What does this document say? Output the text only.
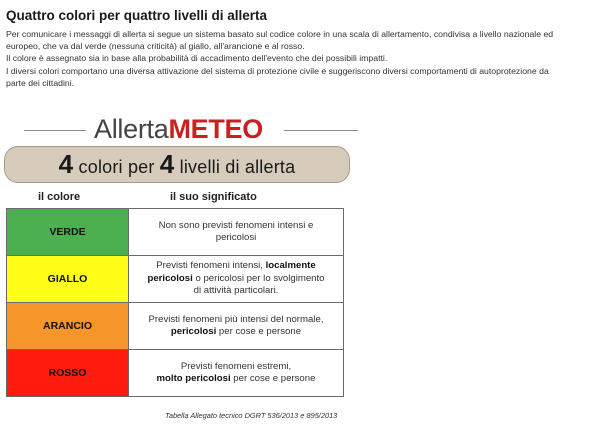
Quattro colori per quattro livelli di allerta

Per comunicare i messaggi di allerta si segue un sistema basato sul codice colore in una scala di allertamento, condivisa a livello nazionale ed
europeo, che va dal verde (nessuna criticità) al giallo, all'arancione e al rosso.
Il colore è assegnato sia in base alla probabilità di accadimento dell'evento che dei possibili impatti.
I diversi colori comportano una diversa attivazione del sistema di protezione civile e suggeriscono diversi comportamenti di autoprotezione da
parte dei cittadini.

AllertaMETEO
4 colori per 4 livelli di allerta
il colore	il suo significato
VERDE	Non sono previsti fenomeni intensi e
pericolosi

GIALLO	Previsti fenomeni intensi, localmente
pericolosi o pericolosi per lo svolgimento
di attività particolari.

ARANCIO	Previsti fenomeni più intensi del normale,
pericolosi per cose e persone

ROSSO	Previsti fenomeni estremi,
molto pericolosi per cose e persone
Tabella Allegato tecnico DGRT 536/2013 e 895/2013
